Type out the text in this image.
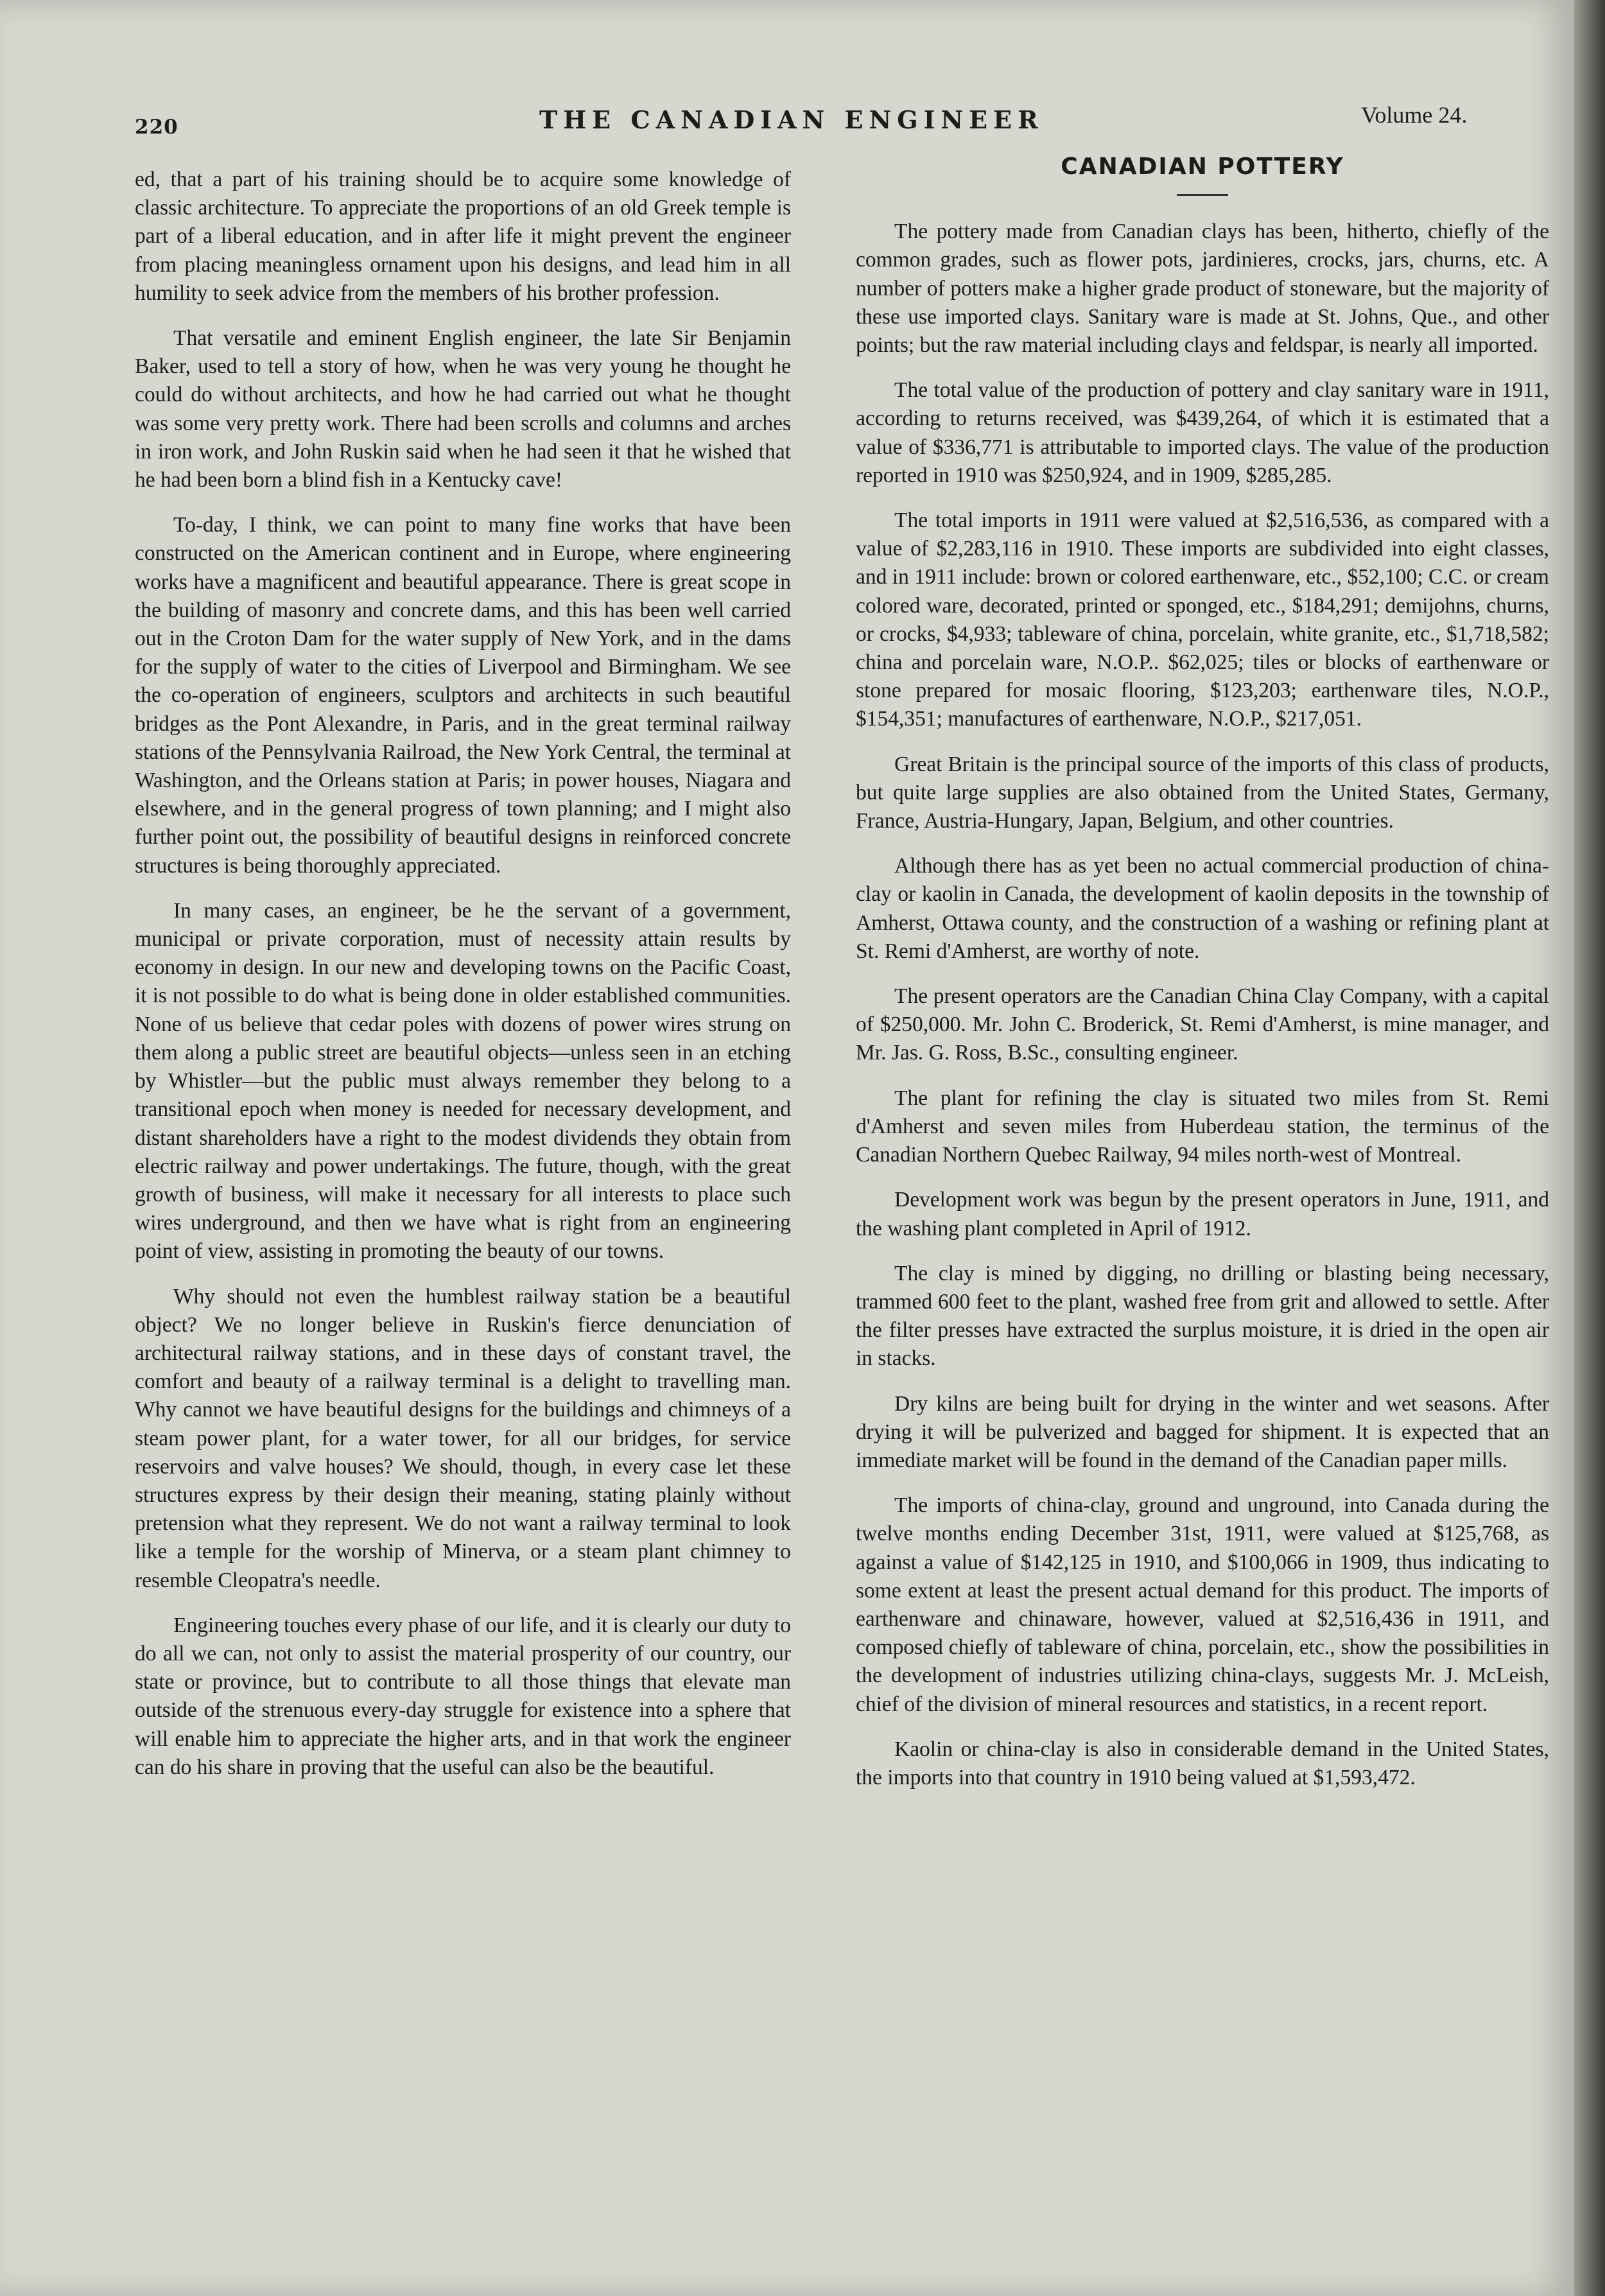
220	THE CANADIAN ENGINEER	Volume 24.

ed, that a part of his training should be to acquire some knowledge of classic architecture. To appreciate the proportions of an old Greek temple is part of a liberal education, and in after life it might prevent the engineer from placing meaningless ornament upon his designs, and lead him in all humility to seek advice from the members of his brother profession.

That versatile and eminent English engineer, the late Sir Benjamin Baker, used to tell a story of how, when he was very young he thought he could do without architects, and how he had carried out what he thought was some very pretty work. There had been scrolls and columns and arches in iron work, and John Ruskin said when he had seen it that he wished that he had been born a blind fish in a Kentucky cave!

To-day, I think, we can point to many fine works that have been constructed on the American continent and in Europe, where engineering works have a magnificent and beautiful appearance. There is great scope in the building of masonry and concrete dams, and this has been well carried out in the Croton Dam for the water supply of New York, and in the dams for the supply of water to the cities of Liverpool and Birmingham. We see the co-operation of engineers, sculptors and architects in such beautiful bridges as the Pont Alexandre, in Paris, and in the great terminal railway stations of the Pennsylvania Railroad, the New York Central, the terminal at Washington, and the Orleans station at Paris; in power houses, Niagara and elsewhere, and in the general progress of town planning; and I might also further point out, the possibility of beautiful designs in reinforced concrete structures is being thoroughly appreciated.

In many cases, an engineer, be he the servant of a government, municipal or private corporation, must of necessity attain results by economy in design. In our new and developing towns on the Pacific Coast, it is not possible to do what is being done in older established communities. None of us believe that cedar poles with dozens of power wires strung on them along a public street are beautiful objects—unless seen in an etching by Whistler—but the public must always remember they belong to a transitional epoch when money is needed for necessary development, and distant shareholders have a right to the modest dividends they obtain from electric railway and power undertakings. The future, though, with the great growth of business, will make it necessary for all interests to place such wires underground, and then we have what is right from an engineering point of view, assisting in promoting the beauty of our towns.

Why should not even the humblest railway station be a beautiful object? We no longer believe in Ruskin's fierce denunciation of architectural railway stations, and in these days of constant travel, the comfort and beauty of a railway terminal is a delight to travelling man. Why cannot we have beautiful designs for the buildings and chimneys of a steam power plant, for a water tower, for all our bridges, for service reservoirs and valve houses? We should, though, in every case let these structures express by their design their meaning, stating plainly without pretension what they represent. We do not want a railway terminal to look like a temple for the worship of Minerva, or a steam plant chimney to resemble Cleopatra's needle.

Engineering touches every phase of our life, and it is clearly our duty to do all we can, not only to assist the material prosperity of our country, our state or province, but to contribute to all those things that elevate man outside of the strenuous every-day struggle for existence into a sphere that will enable him to appreciate the higher arts, and in that work the engineer can do his share in proving that the useful can also be the beautiful.

CANADIAN POTTERY

The pottery made from Canadian clays has been, hitherto, chiefly of the common grades, such as flower pots, jardinieres, crocks, jars, churns, etc. A number of potters make a higher grade product of stoneware, but the majority of these use imported clays. Sanitary ware is made at St. Johns, Que., and other points; but the raw material including clays and feldspar, is nearly all imported.

The total value of the production of pottery and clay sanitary ware in 1911, according to returns received, was $439,264, of which it is estimated that a value of $336,771 is attributable to imported clays. The value of the production reported in 1910 was $250,924, and in 1909, $285,285.

The total imports in 1911 were valued at $2,516,536, as compared with a value of $2,283,116 in 1910. These imports are subdivided into eight classes, and in 1911 include: brown or colored earthenware, etc., $52,100; C.C. or cream colored ware, decorated, printed or sponged, etc., $184,291; demijohns, churns, or crocks, $4,933; tableware of china, porcelain, white granite, etc., $1,718,582; china and porcelain ware, N.O.P.. $62,025; tiles or blocks of earthenware or stone prepared for mosaic flooring, $123,203; earthenware tiles, N.O.P., $154,351; manufactures of earthenware, N.O.P., $217,051.

Great Britain is the principal source of the imports of this class of products, but quite large supplies are also obtained from the United States, Germany, France, Austria-Hungary, Japan, Belgium, and other countries.

Although there has as yet been no actual commercial production of china-clay or kaolin in Canada, the development of kaolin deposits in the township of Amherst, Ottawa county, and the construction of a washing or refining plant at St. Remi d'Amherst, are worthy of note.

The present operators are the Canadian China Clay Company, with a capital of $250,000. Mr. John C. Broderick, St. Remi d'Amherst, is mine manager, and Mr. Jas. G. Ross, B.Sc., consulting engineer.

The plant for refining the clay is situated two miles from St. Remi d'Amherst and seven miles from Huberdeau station, the terminus of the Canadian Northern Quebec Railway, 94 miles north-west of Montreal.

Development work was begun by the present operators in June, 1911, and the washing plant completed in April of 1912.

The clay is mined by digging, no drilling or blasting being necessary, trammed 600 feet to the plant, washed free from grit and allowed to settle. After the filter presses have extracted the surplus moisture, it is dried in the open air in stacks.

Dry kilns are being built for drying in the winter and wet seasons. After drying it will be pulverized and bagged for shipment. It is expected that an immediate market will be found in the demand of the Canadian paper mills.

The imports of china-clay, ground and unground, into Canada during the twelve months ending December 31st, 1911, were valued at $125,768, as against a value of $142,125 in 1910, and $100,066 in 1909, thus indicating to some extent at least the present actual demand for this product. The imports of earthenware and chinaware, however, valued at $2,516,436 in 1911, and composed chiefly of tableware of china, porcelain, etc., show the possibilities in the development of industries utilizing china-clays, suggests Mr. J. McLeish, chief of the division of mineral resources and statistics, in a recent report.

Kaolin or china-clay is also in considerable demand in the United States, the imports into that country in 1910 being valued at $1,593,472.
